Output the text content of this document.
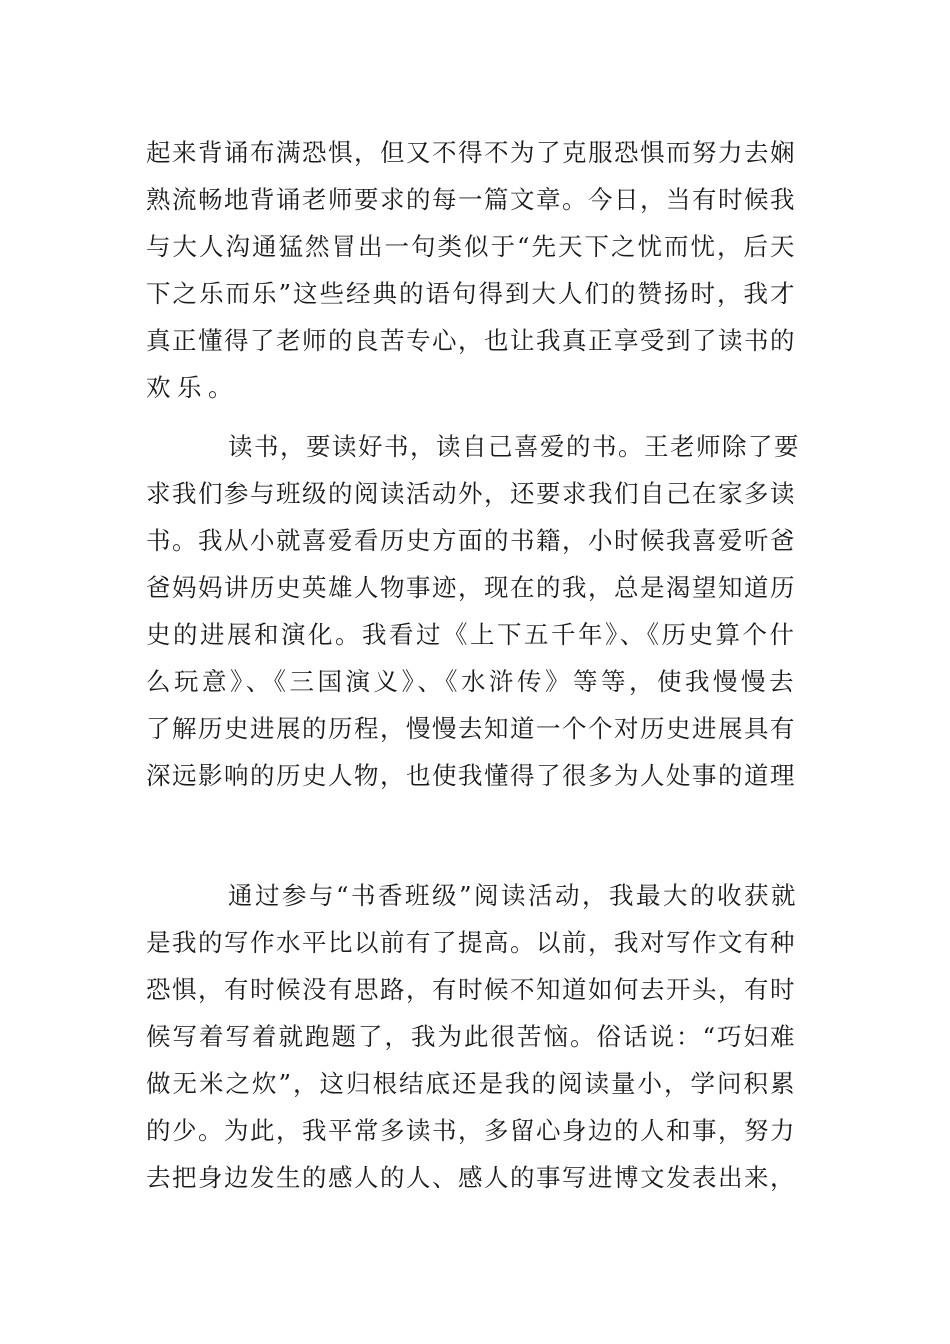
起来背诵布满恐惧，但又不得不为了克服恐惧而努力去娴
熟流畅地背诵老师要求的每一篇文章。今日，当有时候我
与大人沟通猛然冒出一句类似于“先天下之忧而忧，后天
下之乐而乐”这些经典的语句得到大人们的赞扬时，我才
真正懂得了老师的良苦专心，也让我真正享受到了读书的
欢乐。
读书，要读好书，读自己喜爱的书。王老师除了要
求我们参与班级的阅读活动外，还要求我们自己在家多读
书。我从小就喜爱看历史方面的书籍，小时候我喜爱听爸
爸妈妈讲历史英雄人物事迹，现在的我，总是渴望知道历
史的进展和演化。我看过《上下五千年》、《历史算个什
么玩意》、《三国演义》、《水浒传》等等，使我慢慢去
了解历史进展的历程，慢慢去知道一个个对历史进展具有
深远影响的历史人物，也使我懂得了很多为人处事的道理
通过参与“书香班级”阅读活动，我最大的收获就
是我的写作水平比以前有了提高。以前，我对写作文有种
恐惧，有时候没有思路，有时候不知道如何去开头，有时
候写着写着就跑题了，我为此很苦恼。俗话说：“巧妇难
做无米之炊”，这归根结底还是我的阅读量小，学问积累
的少。为此，我平常多读书，多留心身边的人和事，努力
去把身边发生的感人的人、感人的事写进博文发表出来，
